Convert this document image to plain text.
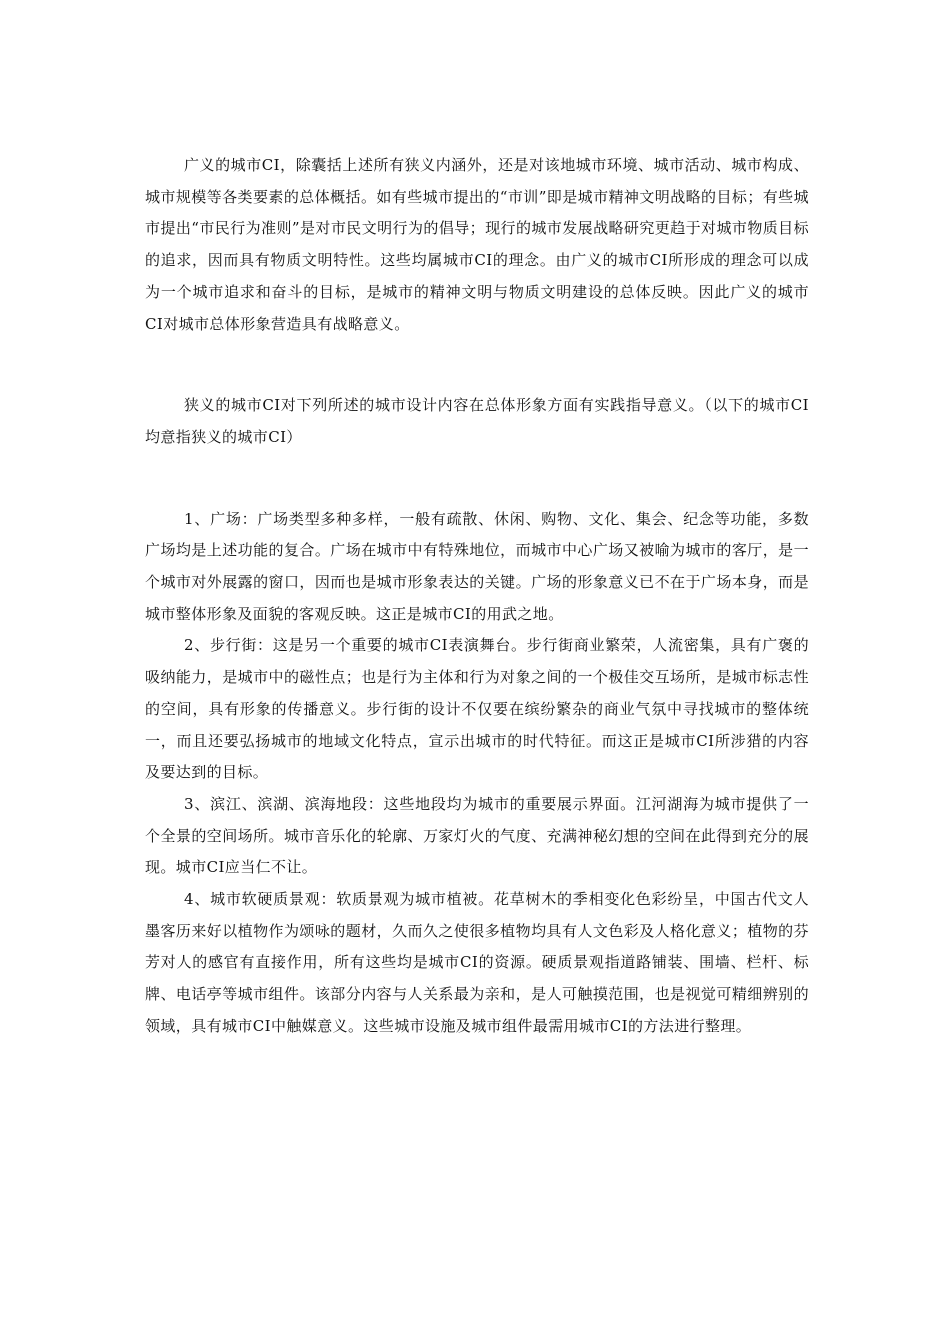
广义的城市CI，除囊括上述所有狭义内涵外，还是对该地城市环境、城市活动、城市构成、城市规模等各类要素的总体概括。如有些城市提出的“市训”即是城市精神文明战略的目标；有些城市提出“市民行为准则”是对市民文明行为的倡导；现行的城市发展战略研究更趋于对城市物质目标的追求，因而具有物质文明特性。这些均属城市CI的理念。由广义的城市CI所形成的理念可以成为一个城市追求和奋斗的目标，是城市的精神文明与物质文明建设的总体反映。因此广义的城市CI对城市总体形象营造具有战略意义。

狭义的城市CI对下列所述的城市设计内容在总体形象方面有实践指导意义。（以下的城市CI均意指狭义的城市CI）

1、广场：广场类型多种多样，一般有疏散、休闲、购物、文化、集会、纪念等功能，多数广场均是上述功能的复合。广场在城市中有特殊地位，而城市中心广场又被喻为城市的客厅，是一个城市对外展露的窗口，因而也是城市形象表达的关键。广场的形象意义已不在于广场本身，而是城市整体形象及面貌的客观反映。这正是城市CI的用武之地。

2、步行街：这是另一个重要的城市CI表演舞台。步行街商业繁荣，人流密集，具有广褒的吸纳能力，是城市中的磁性点；也是行为主体和行为对象之间的一个极佳交互场所，是城市标志性的空间，具有形象的传播意义。步行街的设计不仅要在缤纷繁杂的商业气氛中寻找城市的整体统一，而且还要弘扬城市的地域文化特点，宣示出城市的时代特征。而这正是城市CI所涉猎的内容及要达到的目标。

3、滨江、滨湖、滨海地段：这些地段均为城市的重要展示界面。江河湖海为城市提供了一个全景的空间场所。城市音乐化的轮廓、万家灯火的气度、充满神秘幻想的空间在此得到充分的展现。城市CI应当仁不让。

4、城市软硬质景观：软质景观为城市植被。花草树木的季相变化色彩纷呈，中国古代文人墨客历来好以植物作为颂咏的题材，久而久之使很多植物均具有人文色彩及人格化意义；植物的芬芳对人的感官有直接作用，所有这些均是城市CI的资源。硬质景观指道路铺装、围墙、栏杆、标牌、电话亭等城市组件。该部分内容与人关系最为亲和，是人可触摸范围，也是视觉可精细辨别的领域，具有城市CI中触媒意义。这些城市设施及城市组件最需用城市CI的方法进行整理。
